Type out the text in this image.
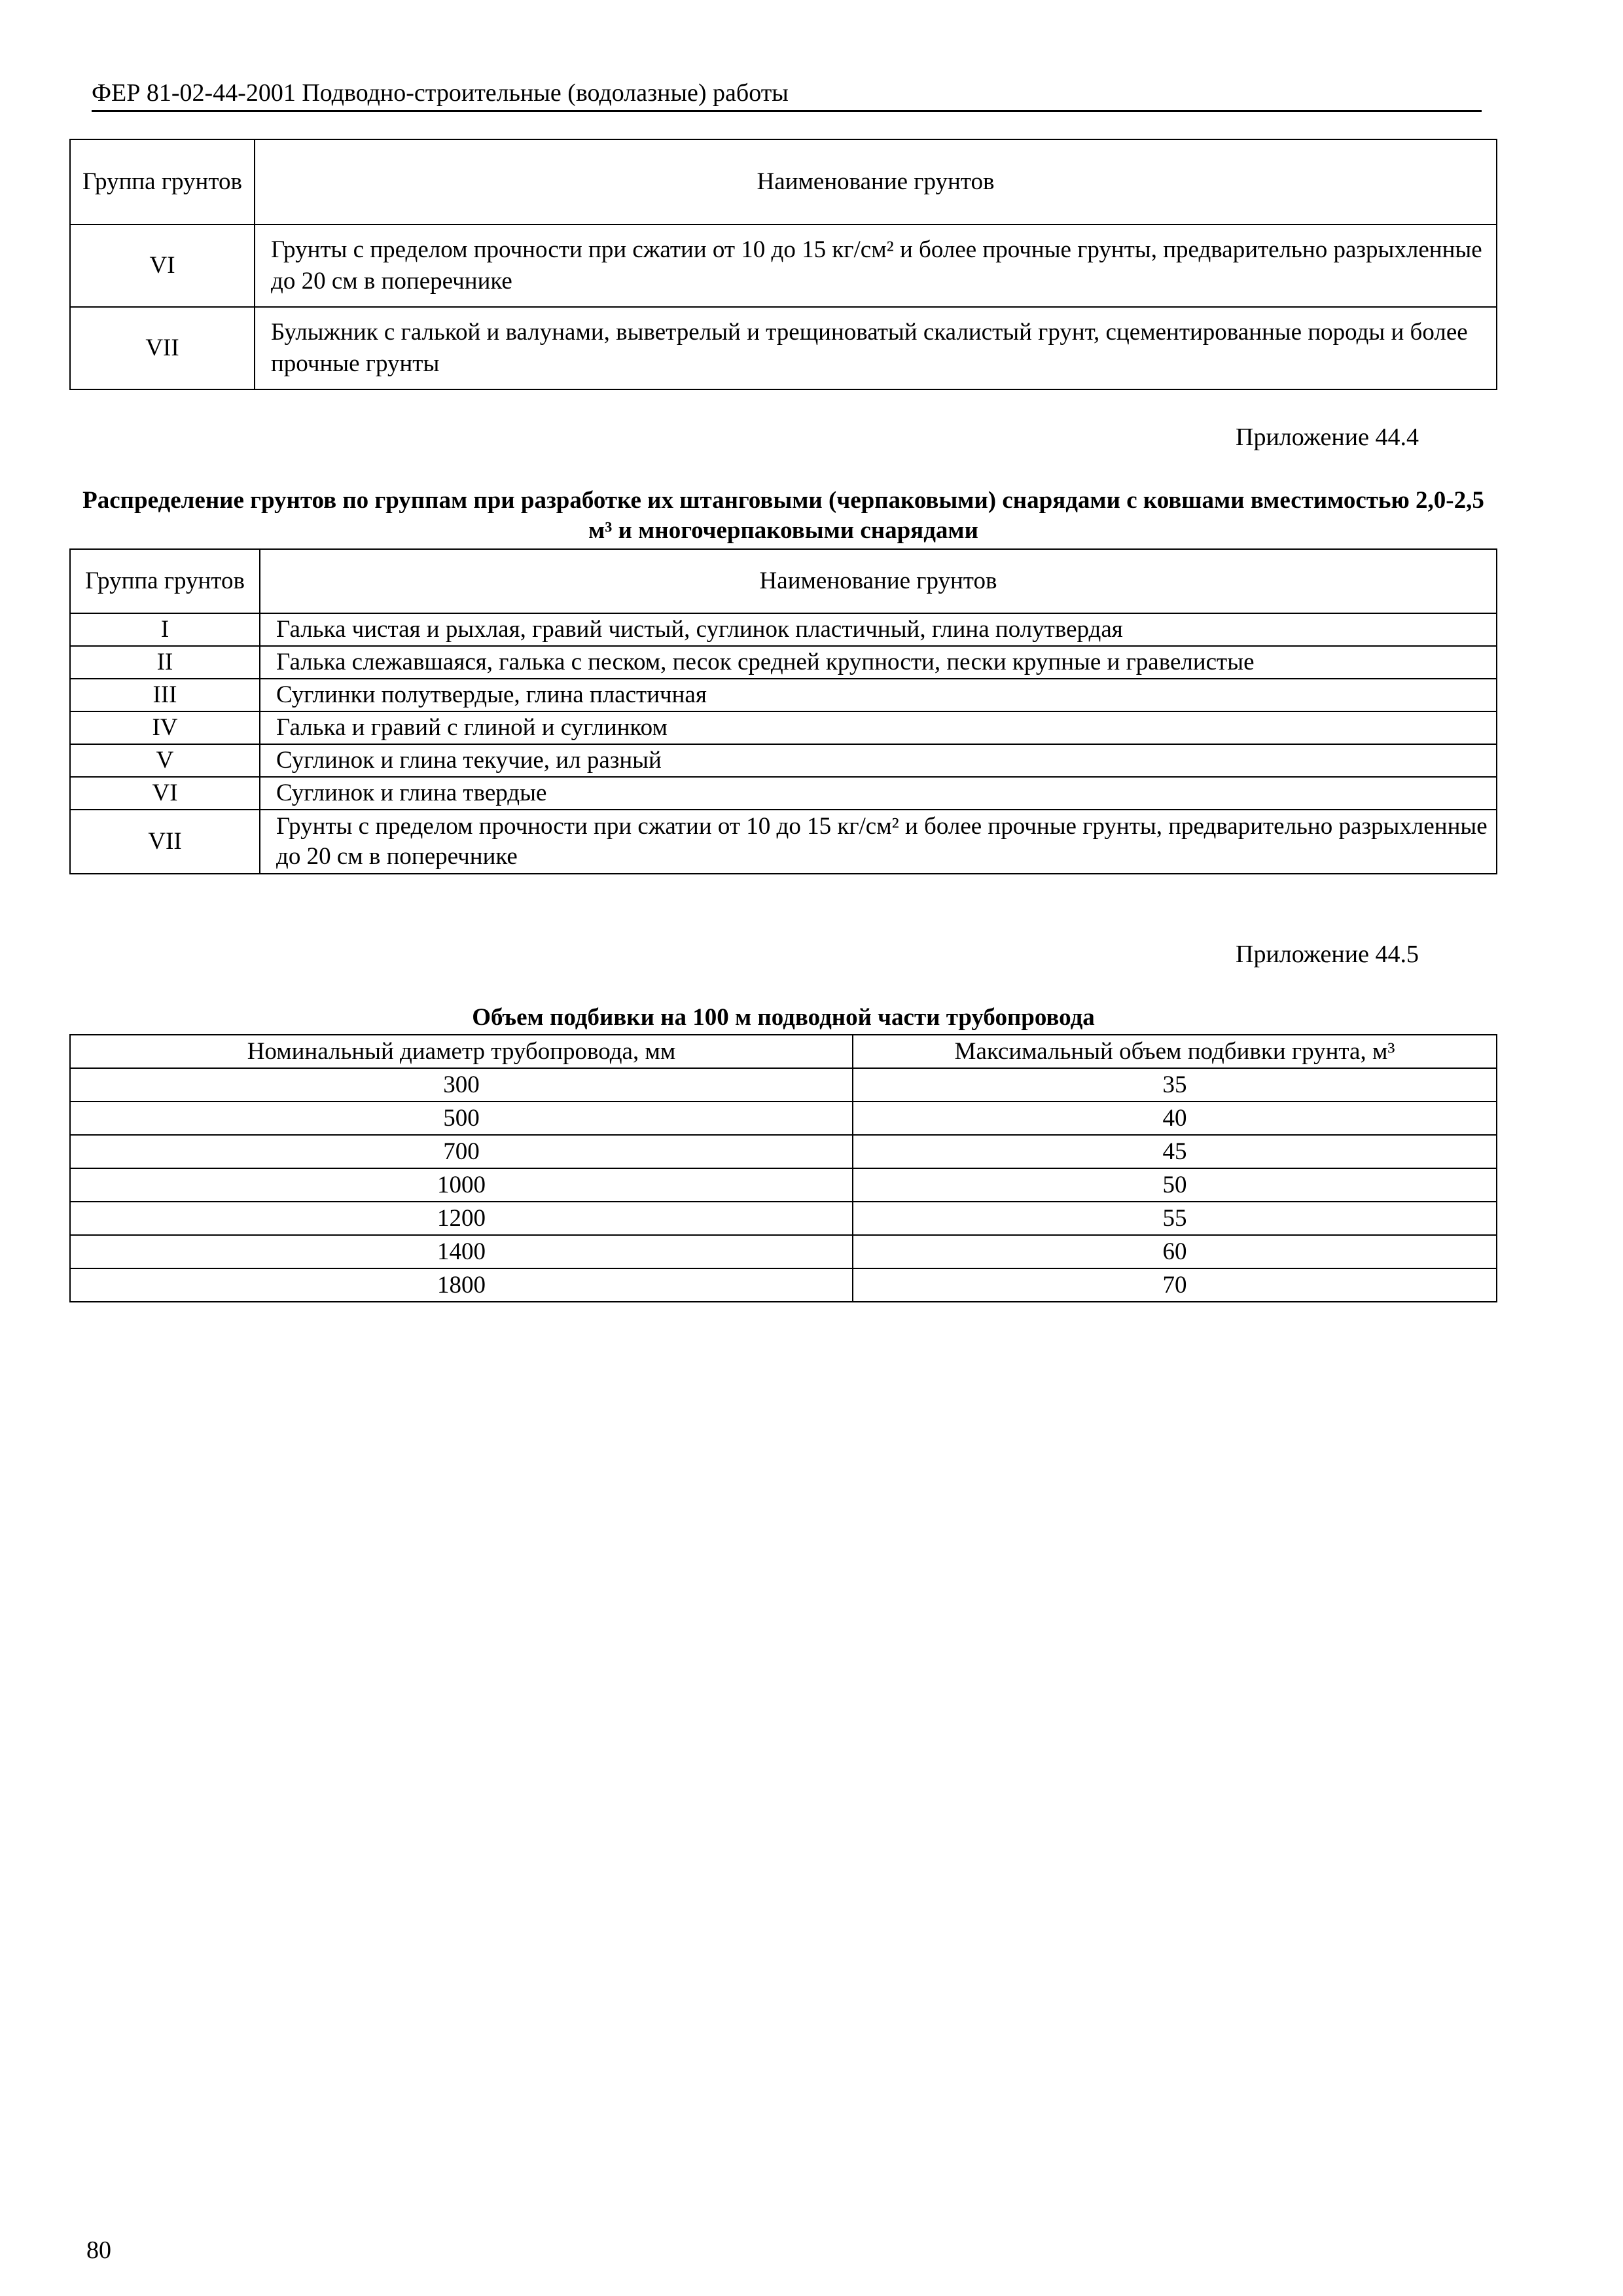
ФЕР 81-02-44-2001 Подводно-строительные (водолазные) работы
Группа грунтов	Наименование грунтов
VI	Грунты с пределом прочности при сжатии от 10 до 15 кг/см² и более прочные грунты, предварительно разрыхленные до 20 см в поперечнике
VII	Булыжник с галькой и валунами, выветрелый и трещиноватый скалистый грунт, сцементированные породы и более прочные грунты
Приложение 44.4
Распределение грунтов по группам при разработке их штанговыми (черпаковыми) снарядами с ковшами вместимостью 2,0-2,5 м³ и многочерпаковыми снарядами
Группа грунтов	Наименование грунтов
I	Галька чистая и рыхлая, гравий чистый, суглинок пластичный, глина полутвердая
II	Галька слежавшаяся, галька с песком, песок средней крупности, пески крупные и гравелистые
III	Суглинки полутвердые, глина пластичная
IV	Галька и гравий с глиной и суглинком
V	Суглинок и глина текучие, ил разный
VI	Суглинок и глина твердые
VII	Грунты с пределом прочности при сжатии от 10 до 15 кг/см² и более прочные грунты, предварительно разрыхленные до 20 см в поперечнике
Приложение 44.5
Объем подбивки на 100 м подводной части трубопровода
Номинальный диаметр трубопровода, мм	Максимальный объем подбивки грунта, м³
300	35
500	40
700	45
1000	50
1200	55
1400	60
1800	70
80
